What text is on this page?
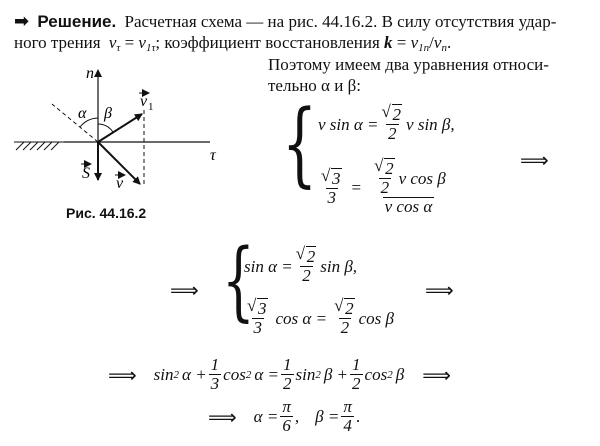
➡ Решение. Расчетная схема — на рис. 44.16.2. В силу отсутствия удар-
ного трения $v_\tau = v_{1\tau}$; коэффициент восстановления $k = v_{1n}/v_n$.
Поэтому имеем два уравнения относи-
тельно α и β:
n
α β
v 1
τ
S
v
Рис. 44.16.2
{ v sin α = √ $\frac{2}{2}$ v sin β,
√ $\frac{3}{3}$ = √ $\frac{\frac{2}{2} v \cos \beta}{\text{v cos α}}$	⟹
⟹ {
sin α = √ $\frac{2}{2}$ sin β,
√ $\frac{3}{3}$ cos α = √ $\frac{2}{2}$ cos β
⟹
⟹ sin 2 $\alpha + \frac{1}{3}$ cos 2 $\alpha = \frac{1}{2}$ sin 2 $\beta + \frac{1}{2}$ cos 2 β ⟹
⟹ $\alpha = \frac{\pi}{6}$ , $\beta = \frac{\pi}{4}$ .
